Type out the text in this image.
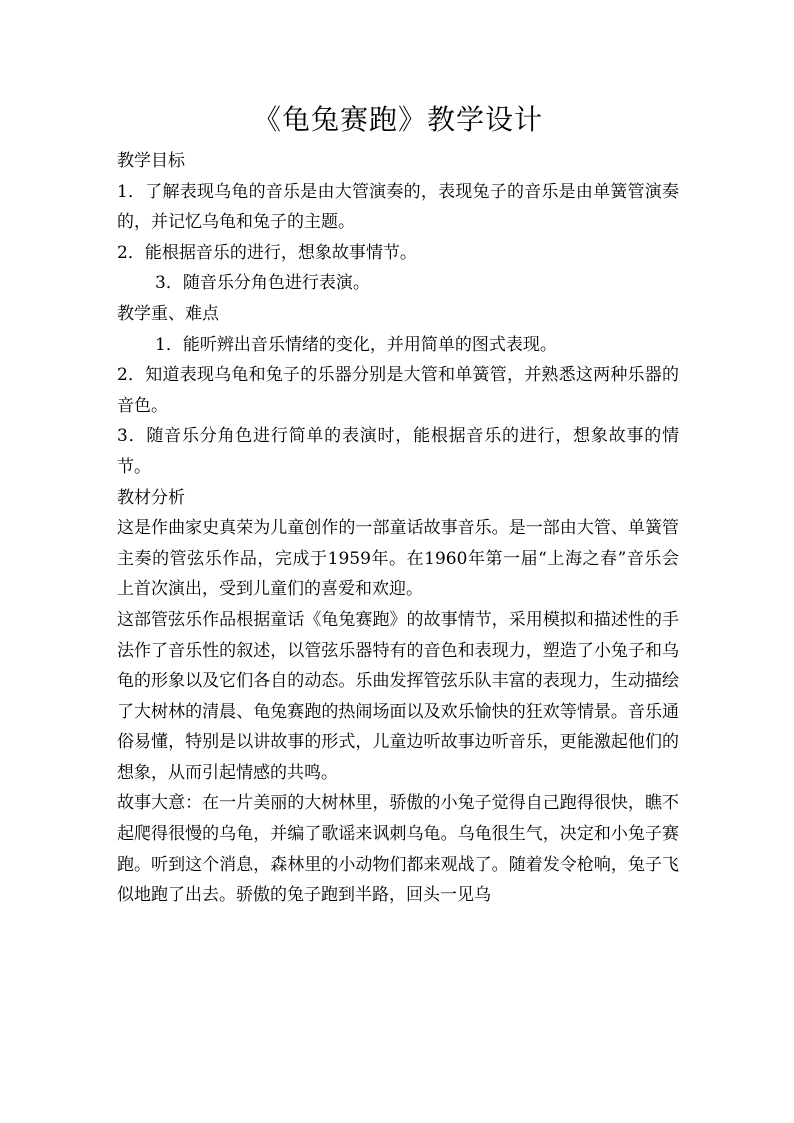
《龟兔赛跑》教学设计
教学目标
1．了解表现乌龟的音乐是由大管演奏的，表现兔子的音乐是由单簧管演奏的，并记忆乌龟和兔子的主题。
2．能根据音乐的进行，想象故事情节。
3．随音乐分角色进行表演。
教学重、难点
1．能听辨出音乐情绪的变化，并用简单的图式表现。
2．知道表现乌龟和兔子的乐器分别是大管和单簧管，并熟悉这两种乐器的音色。
3．随音乐分角色进行简单的表演时，能根据音乐的进行，想象故事的情节。
教材分析
这是作曲家史真荣为儿童创作的一部童话故事音乐。是一部由大管、单簧管主奏的管弦乐作品，完成于1959年。在1960年第一届“上海之春”音乐会上首次演出，受到儿童们的喜爱和欢迎。
这部管弦乐作品根据童话《龟兔赛跑》的故事情节，采用模拟和描述性的手法作了音乐性的叙述，以管弦乐器特有的音色和表现力，塑造了小兔子和乌龟的形象以及它们各自的动态。乐曲发挥管弦乐队丰富的表现力，生动描绘了大树林的清晨、龟兔赛跑的热闹场面以及欢乐愉快的狂欢等情景。音乐通俗易懂，特别是以讲故事的形式，儿童边听故事边听音乐，更能激起他们的想象，从而引起情感的共鸣。
故事大意：在一片美丽的大树林里，骄傲的小兔子觉得自己跑得很快，瞧不起爬得很慢的乌龟，并编了歌谣来讽刺乌龟。乌龟很生气，决定和小兔子赛跑。听到这个消息，森林里的小动物们都来观战了。随着发令枪响，兔子飞似地跑了出去。骄傲的兔子跑到半路，回头一见乌
